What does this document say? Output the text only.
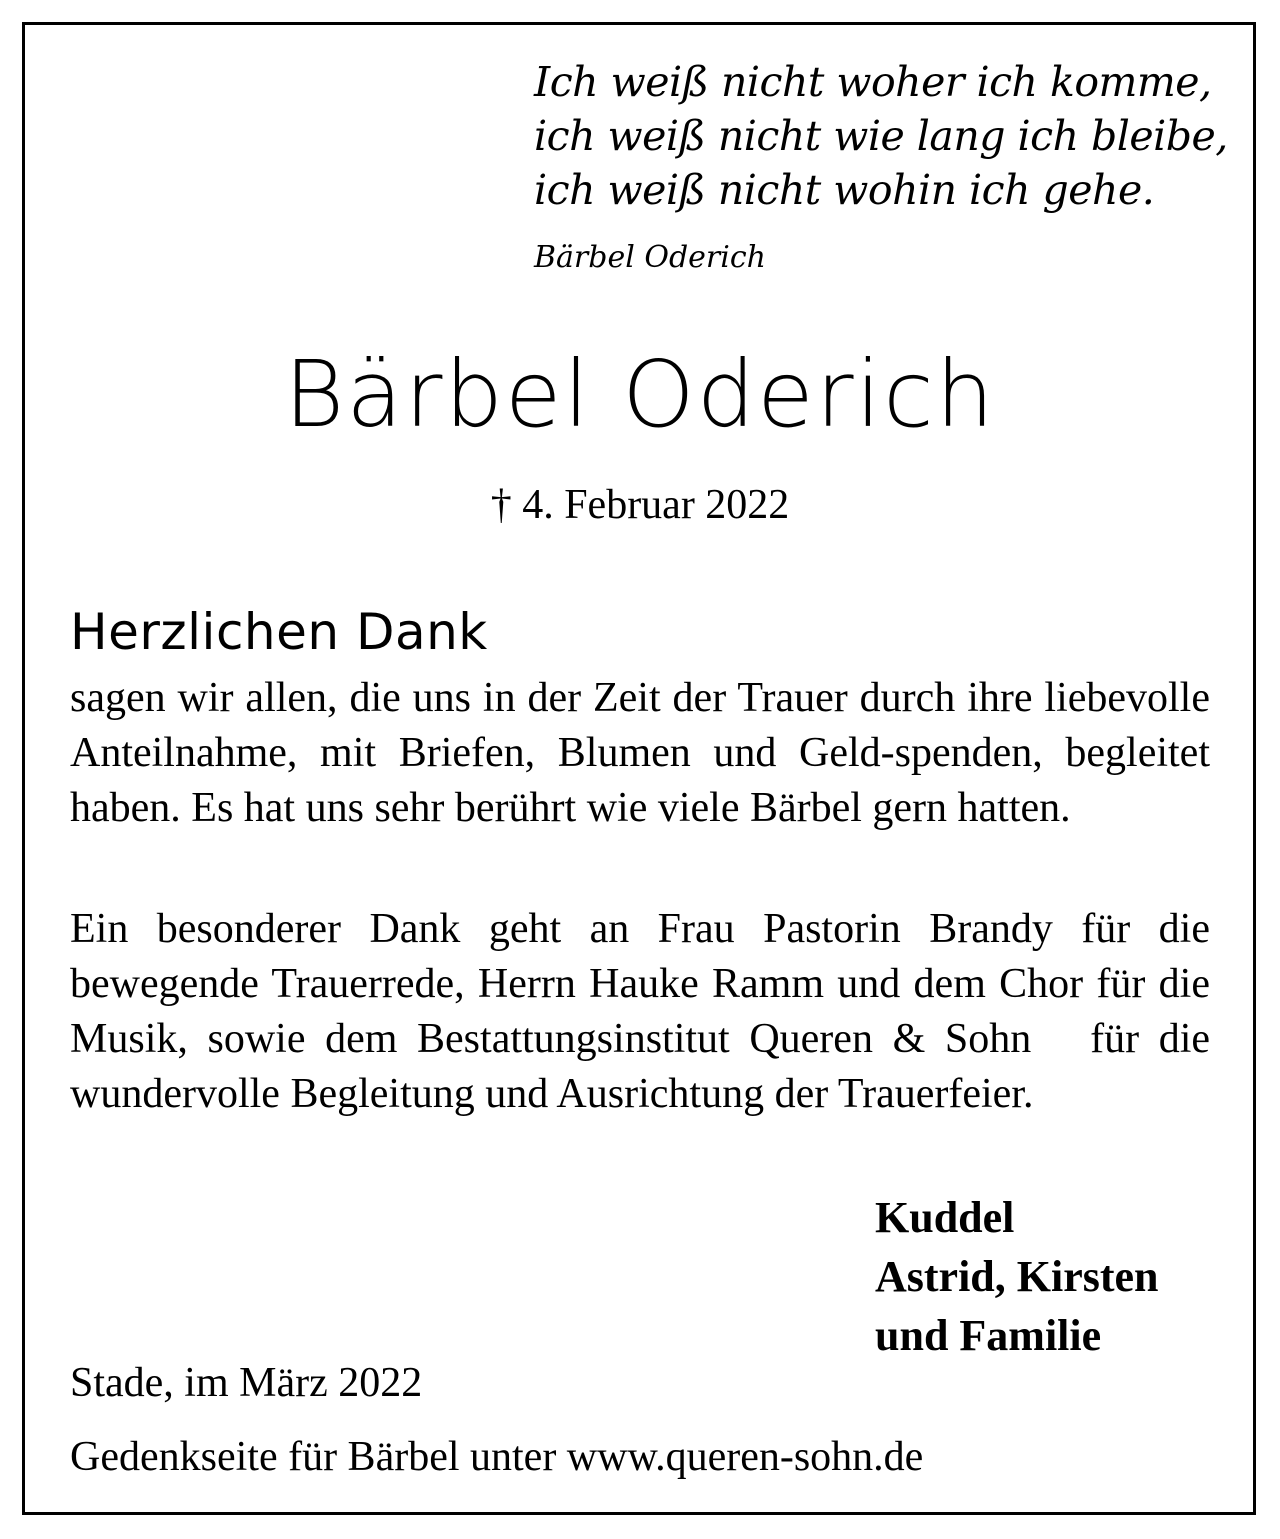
Ich weiß nicht woher ich komme,
ich weiß nicht wie lang ich bleibe,
ich weiß nicht wohin ich gehe.
Bärbel Oderich
Bärbel Oderich
† 4. Februar 2022
Herzlichen Dank
sagen wir allen, die uns in der Zeit der Trauer durch ihre liebevolle Anteilnahme, mit Briefen, Blumen und Geld-spenden, begleitet haben. Es hat uns sehr berührt wie viele Bärbel gern hatten.
Ein besonderer Dank geht an Frau Pastorin Brandy für die bewegende Trauerrede, Herrn Hauke Ramm und dem Chor für die Musik, sowie dem Bestattungsinstitut Queren & Sohn   für die wundervolle Begleitung und Ausrichtung der Trauerfeier.
Kuddel
Astrid, Kirsten
und Familie
Stade, im März 2022
Gedenkseite für Bärbel unter www.queren-sohn.de
